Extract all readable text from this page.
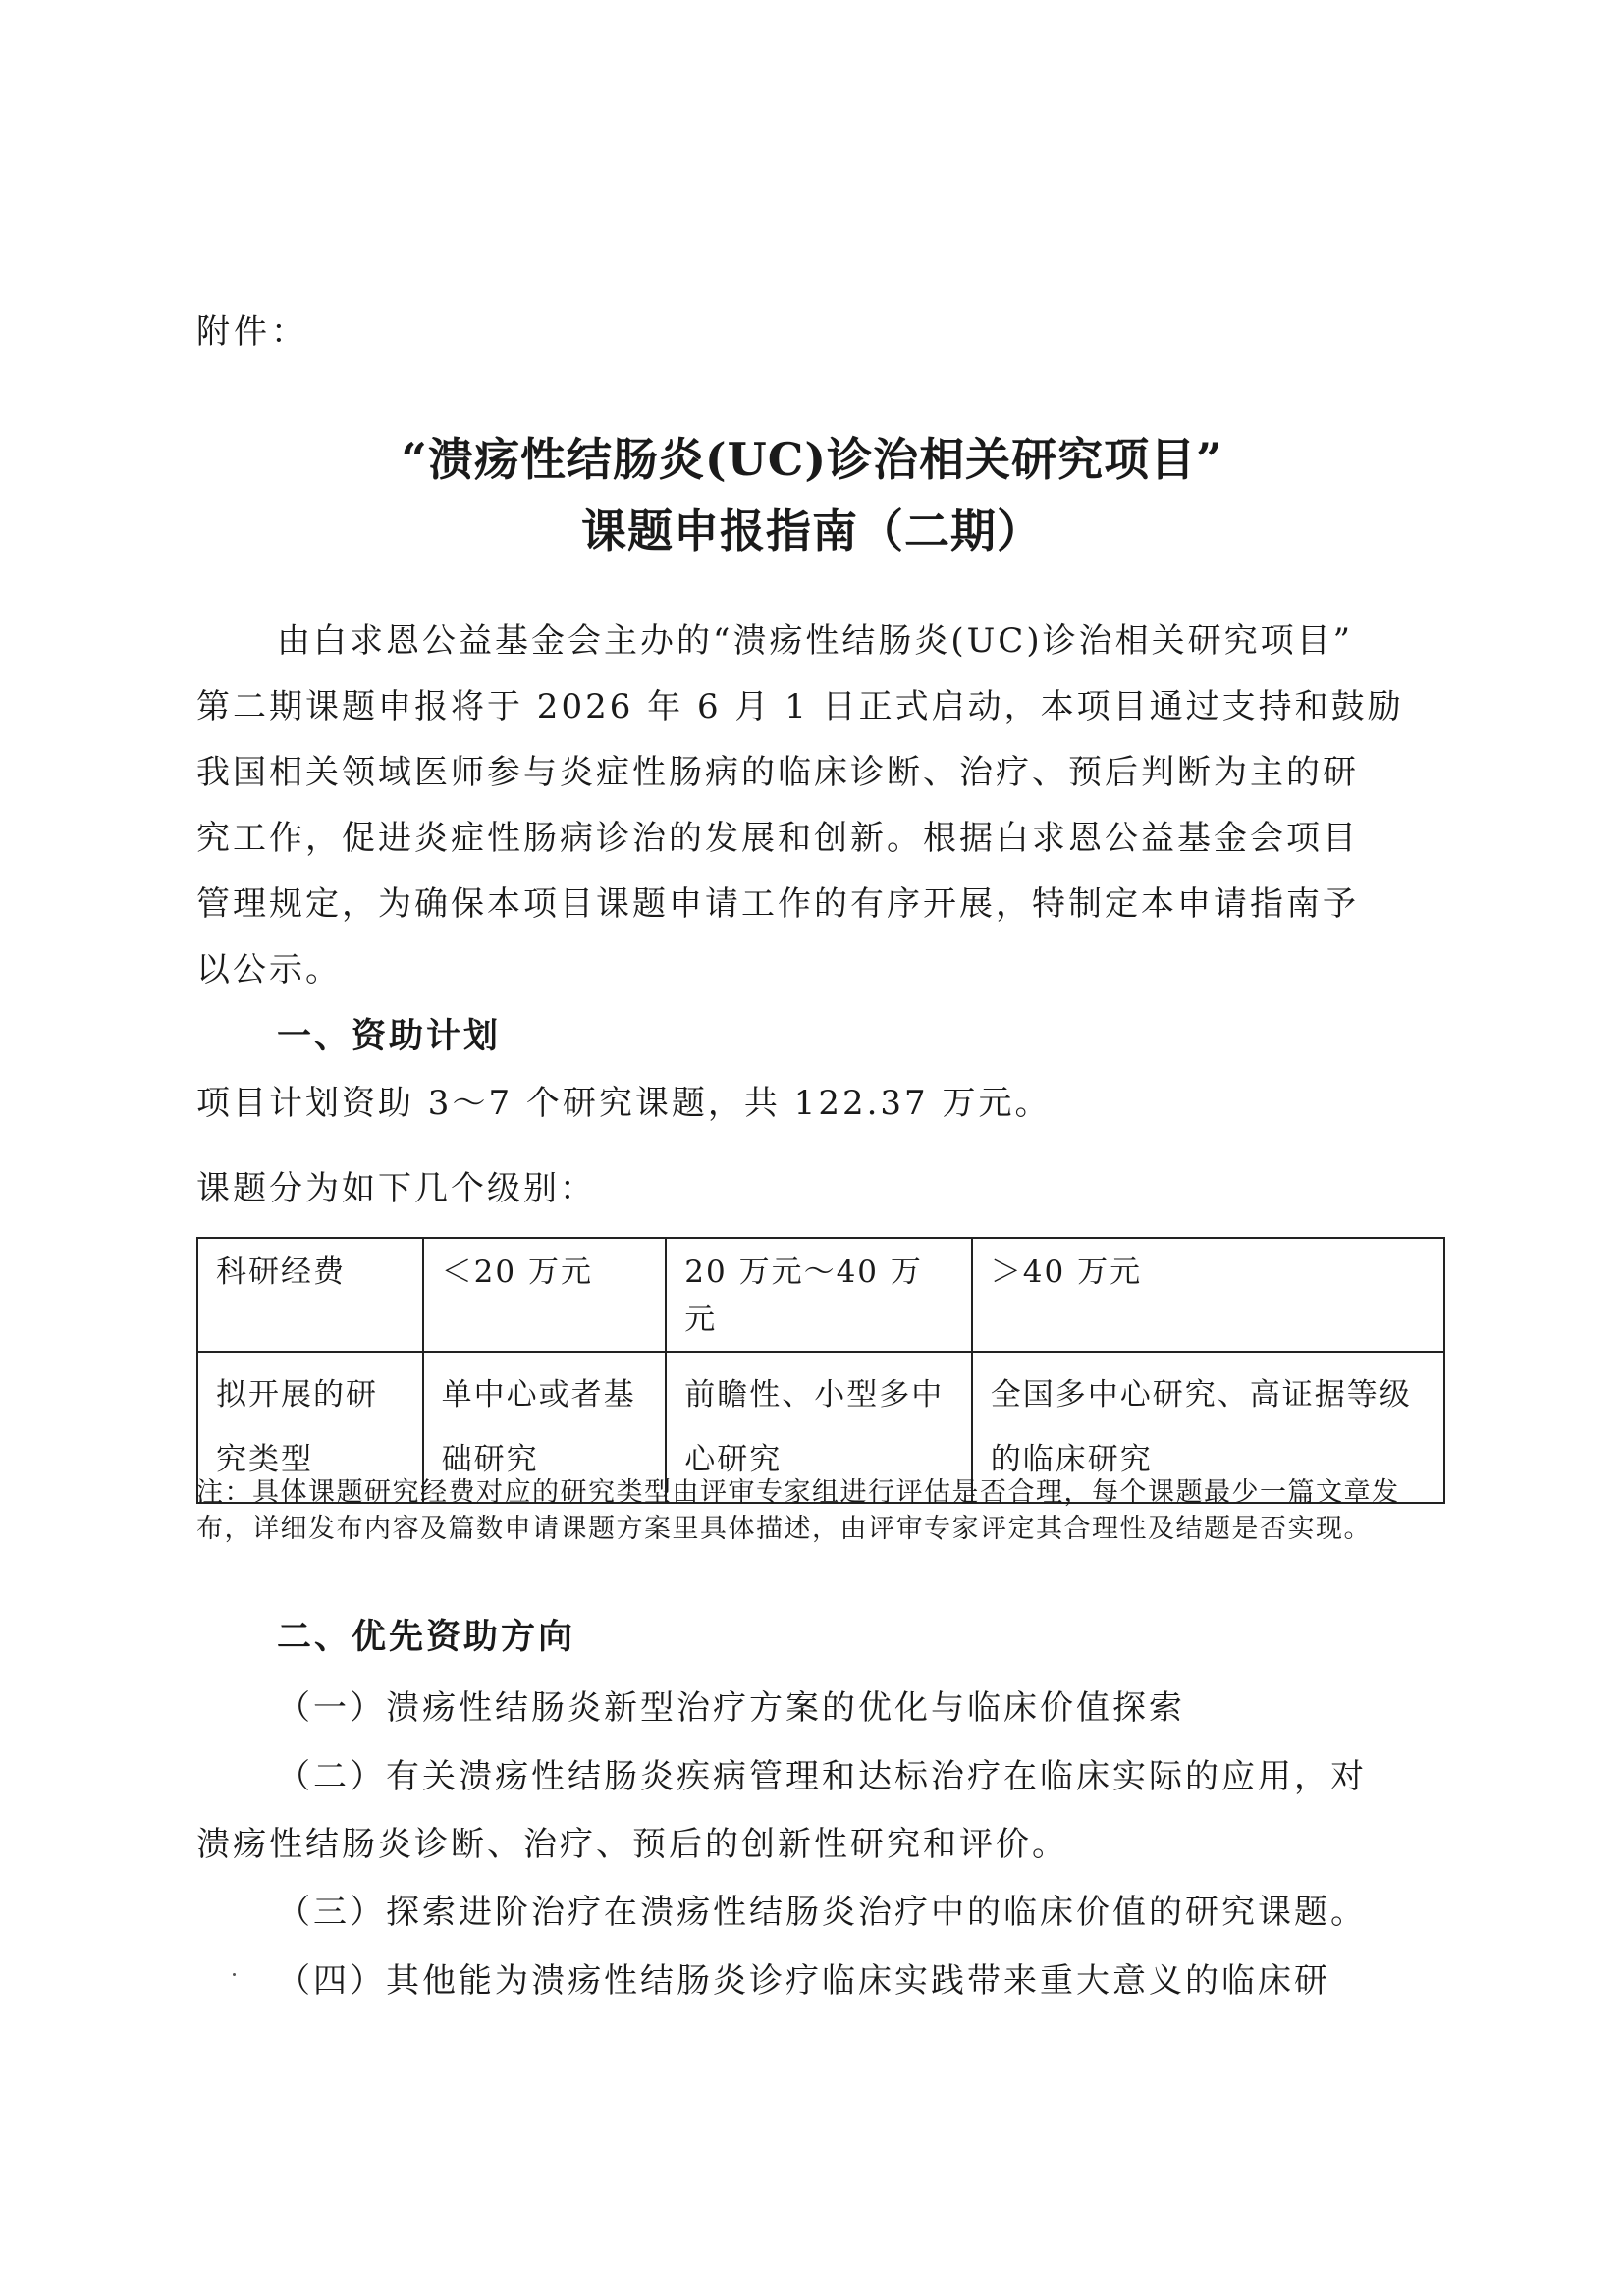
附件：
“溃疡性结肠炎(UC)诊治相关研究项目”
课题申报指南（二期）
由白求恩公益基金会主办的“溃疡性结肠炎(UC)诊治相关研究项目”
第二期课题申报将于 2026 年 6 月 1 日正式启动，本项目通过支持和鼓励
我国相关领域医师参与炎症性肠病的临床诊断、治疗、预后判断为主的研
究工作，促进炎症性肠病诊治的发展和创新。根据白求恩公益基金会项目
管理规定，为确保本项目课题申请工作的有序开展，特制定本申请指南予
以公示。
一、资助计划
项目计划资助 3～7 个研究课题，共 122.37 万元。
课题分为如下几个级别：
科研经费	＜20 万元	20 万元～40 万元	＞40 万元
拟开展的研究类型	单中心或者基础研究	前瞻性、小型多中心研究	全国多中心研究、高证据等级的临床研究
注：具体课题研究经费对应的研究类型由评审专家组进行评估是否合理，每个课题最少一篇文章发布，详细发布内容及篇数申请课题方案里具体描述，由评审专家评定其合理性及结题是否实现。
二、优先资助方向
（一）溃疡性结肠炎新型治疗方案的优化与临床价值探索
（二）有关溃疡性结肠炎疾病管理和达标治疗在临床实际的应用，对
溃疡性结肠炎诊断、治疗、预后的创新性研究和评价。
（三）探索进阶治疗在溃疡性结肠炎治疗中的临床价值的研究课题。
（四）其他能为溃疡性结肠炎诊疗临床实践带来重大意义的临床研
